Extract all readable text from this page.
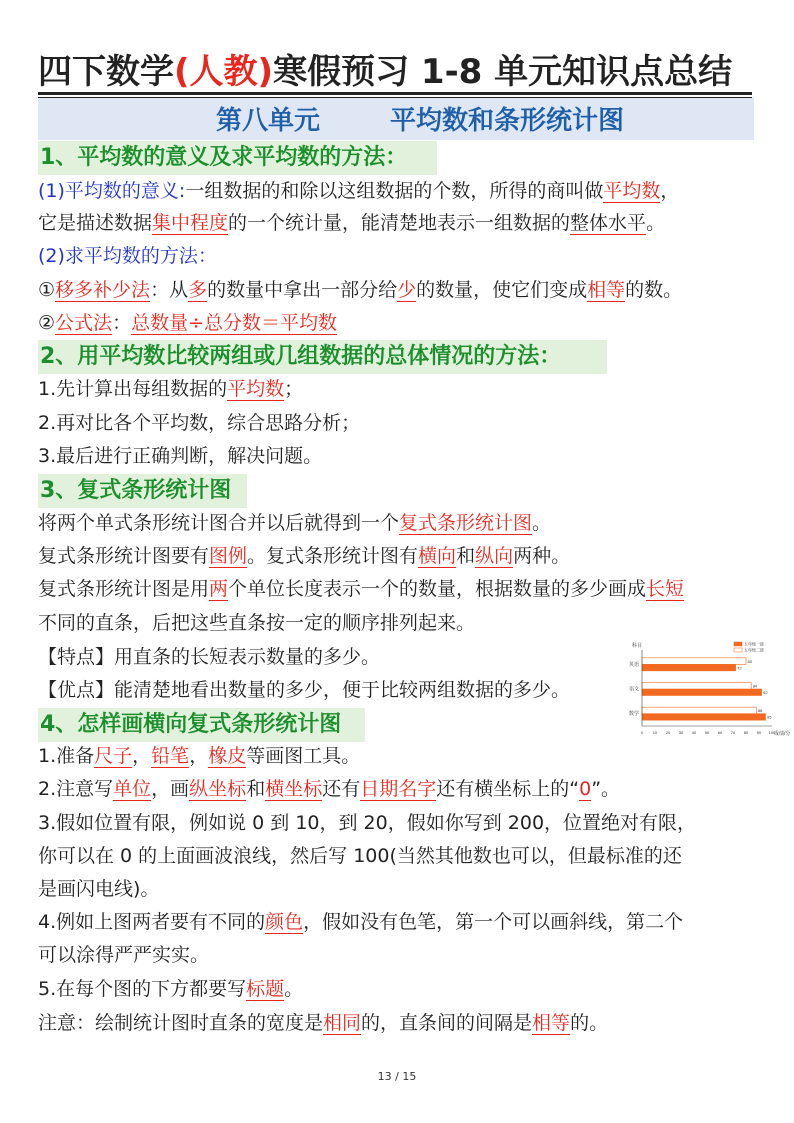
四下数学(人教)寒假预习 1-8 单元知识点总结
第八单元	平均数和条形统计图
1、平均数的意义及求平均数的方法：
(1)平均数的意义:一组数据的和除以这组数据的个数，所得的商叫做平均数，
它是描述数据集中程度的一个统计量，能清楚地表示一组数据的整体水平。
(2)求平均数的方法：
①移多补少法：从多的数量中拿出一部分给少的数量，使它们变成相等的数。
②公式法：总数量÷总分数＝平均数
2、用平均数比较两组或几组数据的总体情况的方法：
1.先计算出每组数据的平均数；
2.再对比各个平均数，综合思路分析；
3.最后进行正确判断，解决问题。
3、复式条形统计图
将两个单式条形统计图合并以后就得到一个复式条形统计图。
复式条形统计图要有图例。复式条形统计图有横向和纵向两种。
复式条形统计图是用两个单位长度表示一个的数量，根据数量的多少画成长短
不同的直条，后把这些直条按一定的顺序排列起来。
【特点】用直条的长短表示数量的多少。
【优点】能清楚地看出数量的多少，便于比较两组数据的多少。
科目	五年级一班
五年级二班
英语	72
80
语文	92
84
数学	95
88
0 10 20 30 40 50 60 70 80 90 100
成绩/分
4、怎样画横向复式条形统计图
1.准备尺子，铅笔，橡皮等画图工具。
2.注意写单位，画纵坐标和横坐标还有日期名字还有横坐标上的“0”。
3.假如位置有限，例如说 0 到 10，到 20，假如你写到 200，位置绝对有限，
你可以在 0 的上面画波浪线，然后写 100(当然其他数也可以，但最标准的还
是画闪电线)。
4.例如上图两者要有不同的颜色，假如没有色笔，第一个可以画斜线，第二个
可以涂得严严实实。
5.在每个图的下方都要写标题。
注意：绘制统计图时直条的宽度是相同的，直条间的间隔是相等的。
13 / 15
